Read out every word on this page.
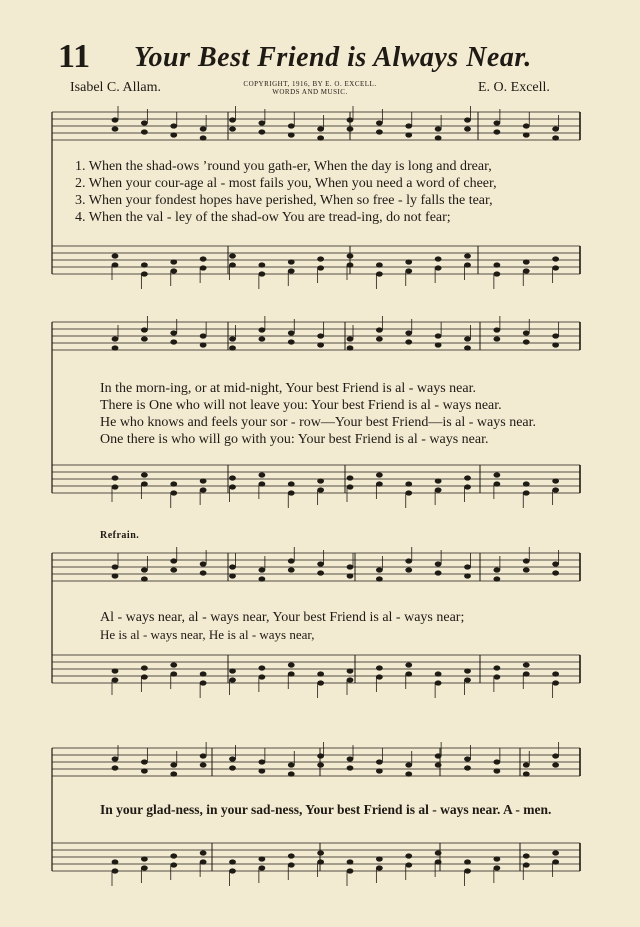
11 Your Best Friend is Always Near.
Isabel C. Allam.	COPYRIGHT, 1916, BY E. O. EXCELL.
WORDS AND MUSIC.	E. O. Excell.
1. When the shad-ows ’round you gath-er, When the day is long and drear,
2. When your cour-age al - most fails you, When you need a word of cheer,
3. When your fondest hopes have perished, When so free - ly falls the tear,
4. When the val - ley of the shad-ow You are tread-ing, do not fear;
In the morn-ing, or at mid-night, Your best Friend is al - ways near.
There is One who will not leave you: Your best Friend is al - ways near.
He who knows and feels your sor - row—Your best Friend—is al - ways near.
One there is who will go with you: Your best Friend is al - ways near.
Refrain.
Al - ways near, al - ways near, Your best Friend is al - ways near;
He is al - ways near, He is al - ways near,
In your glad-ness, in your sad-ness, Your best Friend is al - ways near. A - men.
